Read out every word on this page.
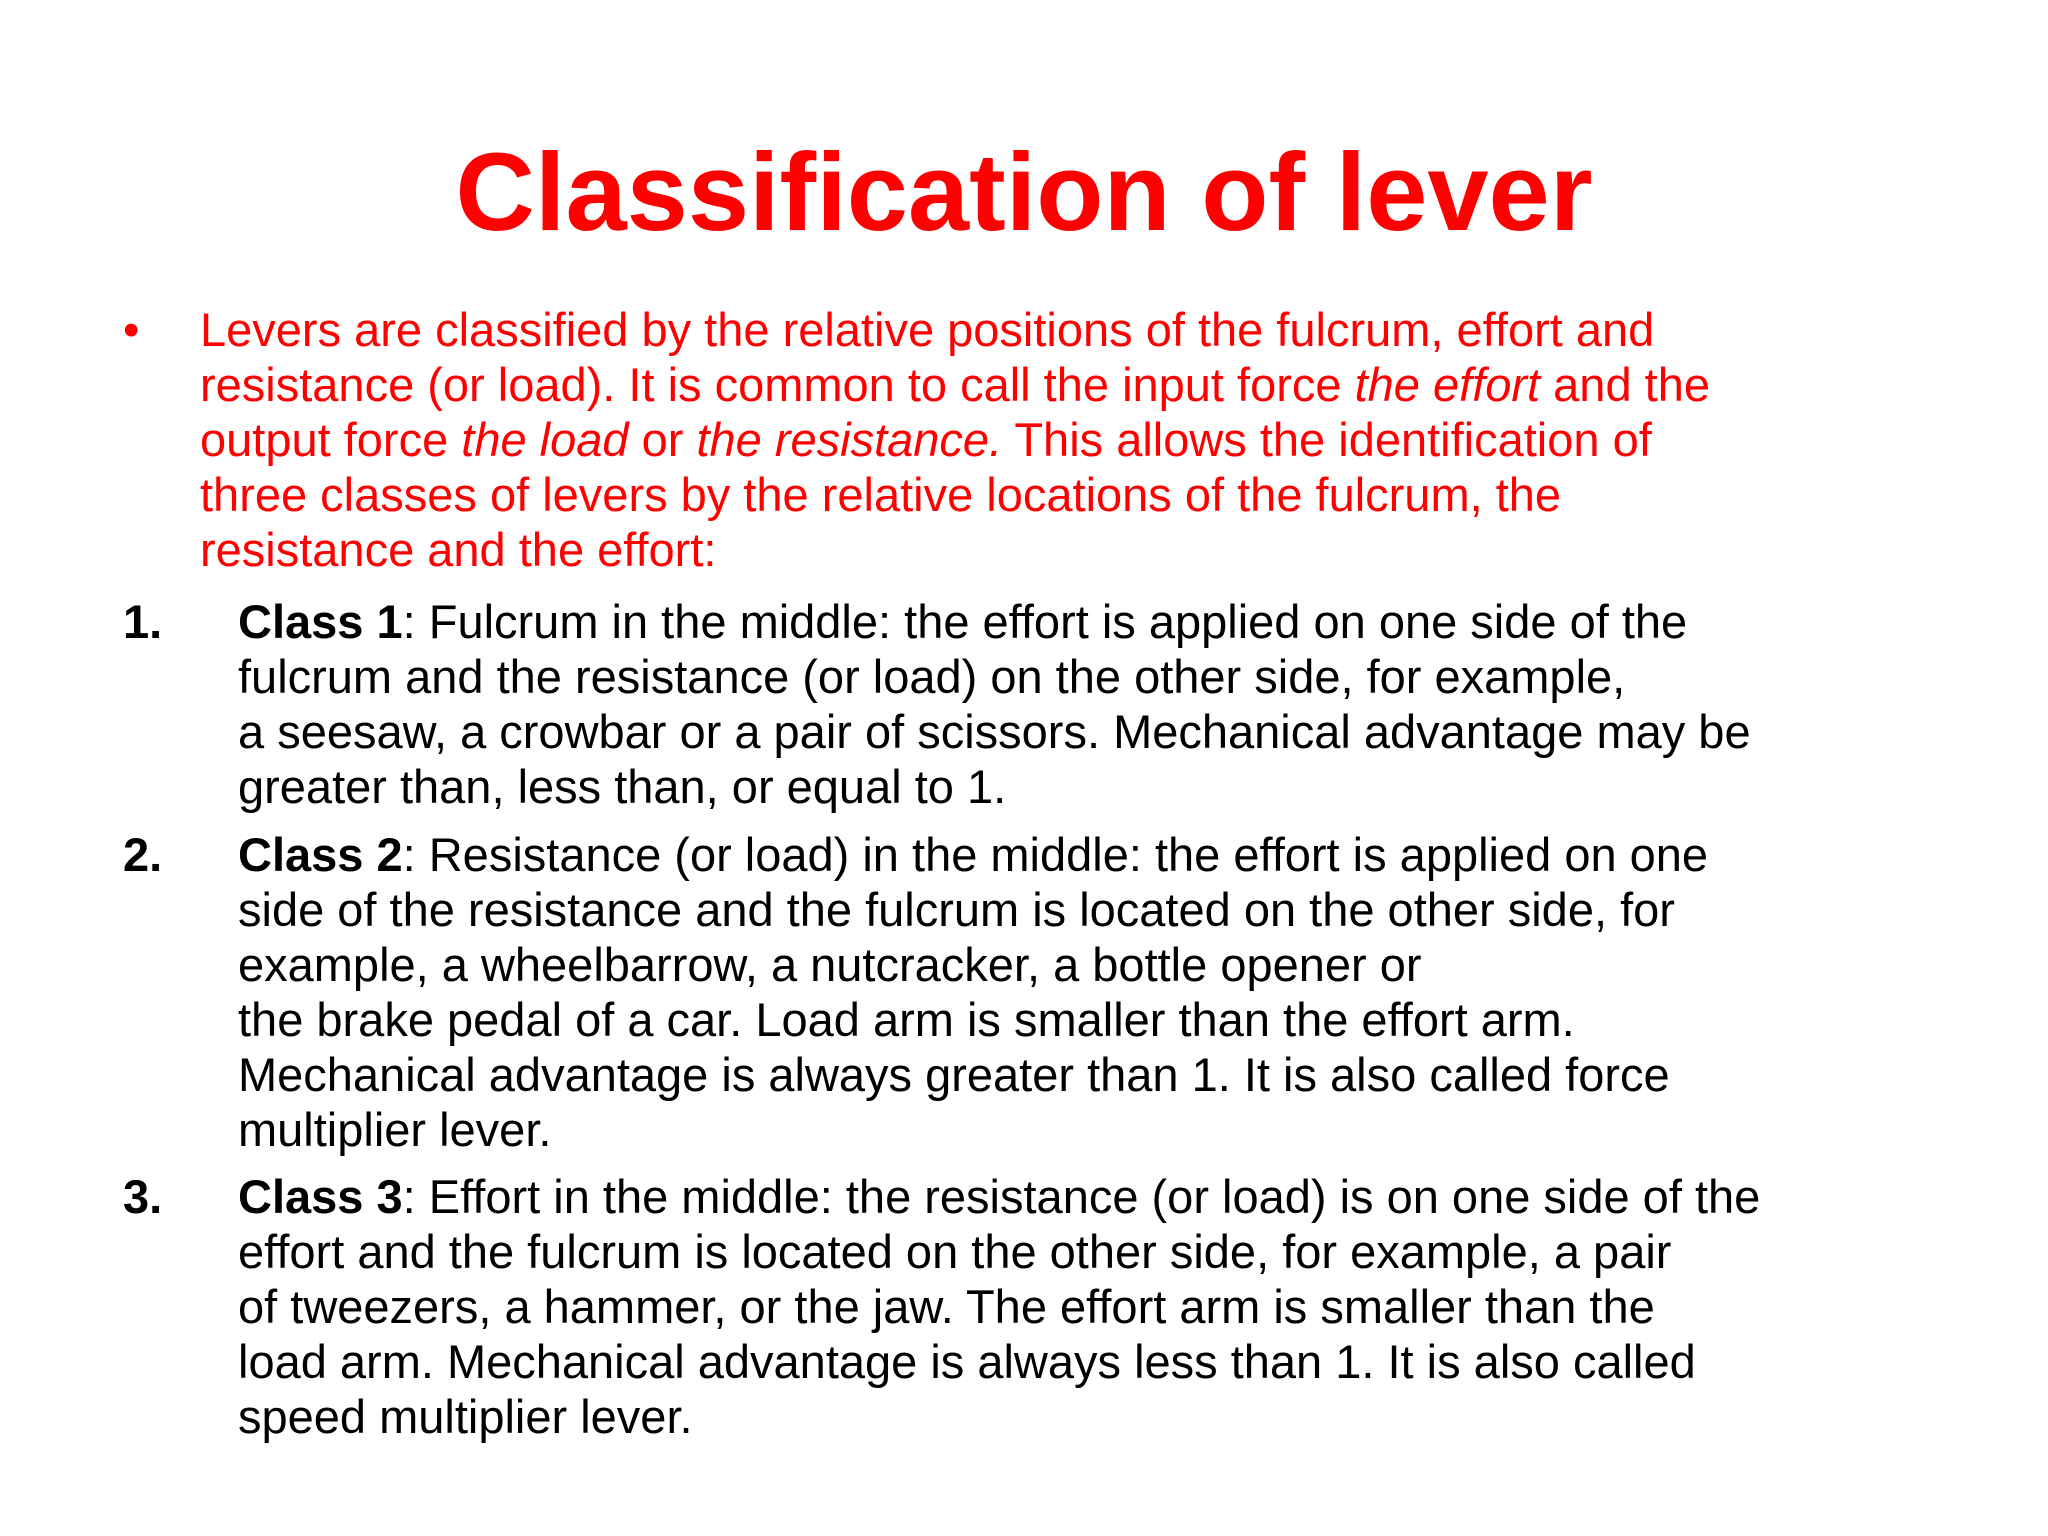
Classification of lever
• Levers are classified by the relative positions of the fulcrum, effort and
resistance (or load). It is common to call the input force the effort and the
output force the load or the resistance. This allows the identification of
three classes of levers by the relative locations of the fulcrum, the
resistance and the effort:
1. Class 1: Fulcrum in the middle: the effort is applied on one side of the
fulcrum and the resistance (or load) on the other side, for example,
a seesaw, a crowbar or a pair of scissors. Mechanical advantage may be
greater than, less than, or equal to 1.
2. Class 2: Resistance (or load) in the middle: the effort is applied on one
side of the resistance and the fulcrum is located on the other side, for
example, a wheelbarrow, a nutcracker, a bottle opener or
the brake pedal of a car. Load arm is smaller than the effort arm.
Mechanical advantage is always greater than 1. It is also called force
multiplier lever.
3. Class 3: Effort in the middle: the resistance (or load) is on one side of the
effort and the fulcrum is located on the other side, for example, a pair
of tweezers, a hammer, or the jaw. The effort arm is smaller than the
load arm. Mechanical advantage is always less than 1. It is also called
speed multiplier lever.
